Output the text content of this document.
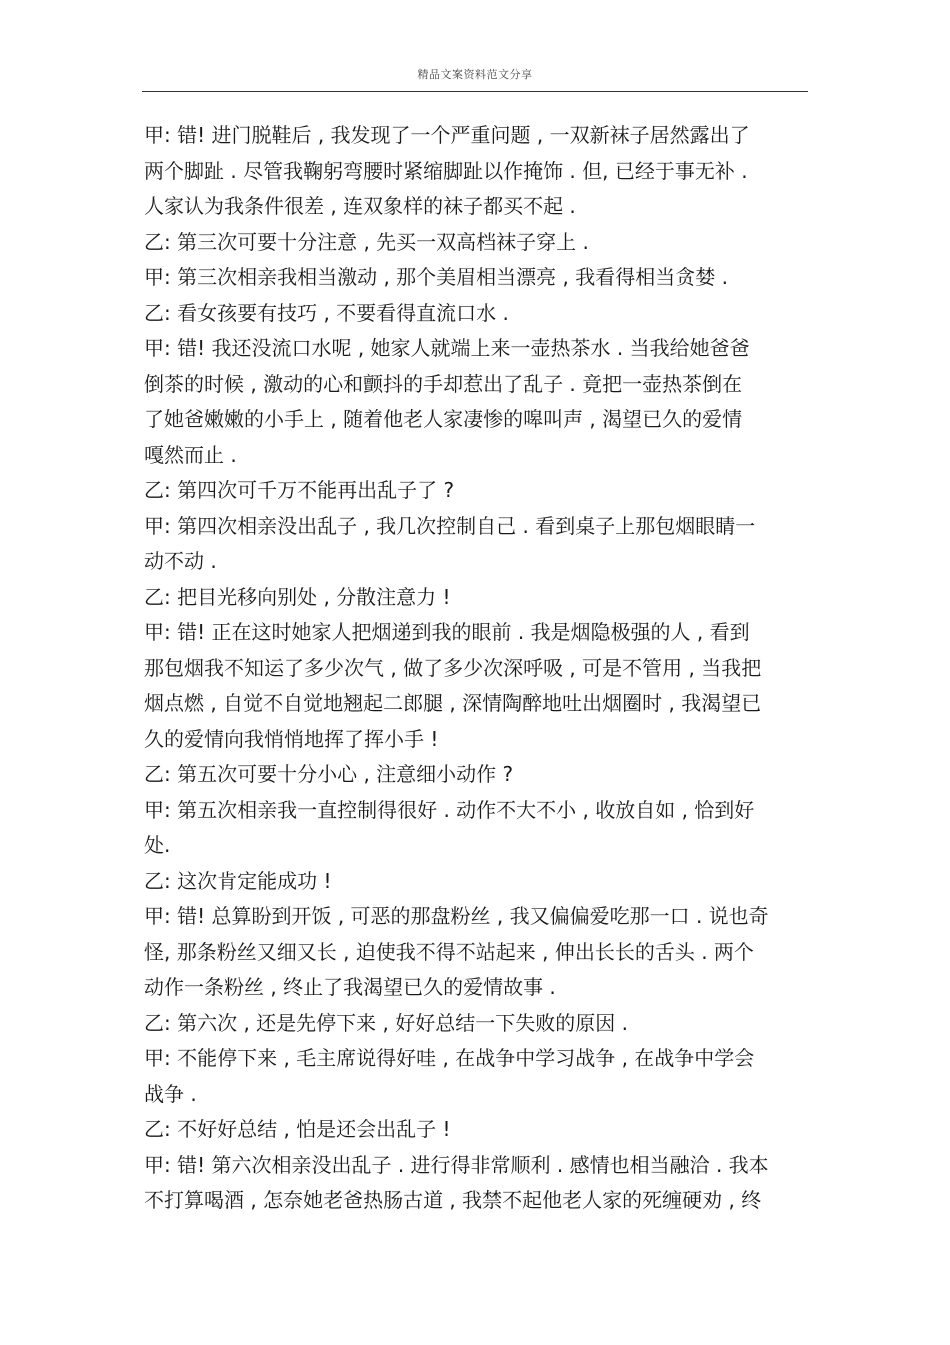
精品文案资料范文分享
甲: 错! 进门脱鞋后 , 我发现了一个严重问题 , 一双新袜子居然露出了
两个脚趾 . 尽管我鞠躬弯腰时紧缩脚趾以作掩饰 . 但, 已经于事无补 .
人家认为我条件很差 , 连双象样的袜子都买不起 .
乙: 第三次可要十分注意 , 先买一双高档袜子穿上 .
甲: 第三次相亲我相当激动 , 那个美眉相当漂亮 , 我看得相当贪婪 .
乙: 看女孩要有技巧 , 不要看得直流口水 .
甲: 错! 我还没流口水呢 , 她家人就端上来一壶热茶水 . 当我给她爸爸
倒茶的时候 , 激动的心和颤抖的手却惹出了乱子 . 竟把一壶热茶倒在
了她爸嫩嫩的小手上 , 随着他老人家凄惨的嗥叫声 , 渴望已久的爱情
嘎然而止 .
乙: 第四次可千万不能再出乱子了 ?
甲: 第四次相亲没出乱子 , 我几次控制自己 . 看到桌子上那包烟眼睛一
动不动 .
乙: 把目光移向别处 , 分散注意力 !
甲: 错! 正在这时她家人把烟递到我的眼前 . 我是烟隐极强的人 , 看到
那包烟我不知运了多少次气 , 做了多少次深呼吸 , 可是不管用 , 当我把
烟点燃 , 自觉不自觉地翘起二郎腿 , 深情陶醉地吐出烟圈时 , 我渴望已
久的爱情向我悄悄地挥了挥小手 !
乙: 第五次可要十分小心 , 注意细小动作 ?
甲: 第五次相亲我一直控制得很好 . 动作不大不小 , 收放自如 , 恰到好
处.
乙: 这次肯定能成功 !
甲: 错! 总算盼到开饭 , 可恶的那盘粉丝 , 我又偏偏爱吃那一口 . 说也奇
怪, 那条粉丝又细又长 , 迫使我不得不站起来 , 伸出长长的舌头 . 两个
动作一条粉丝 , 终止了我渴望已久的爱情故事 .
乙: 第六次 , 还是先停下来 , 好好总结一下失败的原因 .
甲: 不能停下来 , 毛主席说得好哇 , 在战争中学习战争 , 在战争中学会
战争 .
乙: 不好好总结 , 怕是还会出乱子 !
甲: 错! 第六次相亲没出乱子 . 进行得非常顺利 . 感情也相当融洽 . 我本
不打算喝酒 , 怎奈她老爸热肠古道 , 我禁不起他老人家的死缠硬劝 , 终
